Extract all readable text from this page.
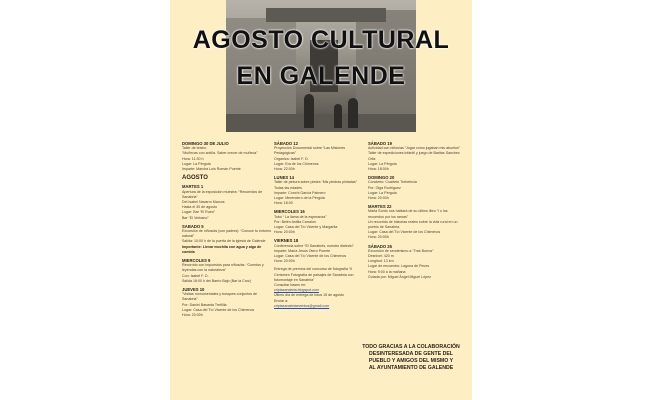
AGOSTO CULTURAL
EN GALENDE
DOMINGO 30 DE JULIO
Taller de teatro:
“Muñecas con arcilla. Saber crecer de muñeca”
Hora: 11:30 h
Lugar: La Pérgola
Imparte: Marcha Luis Román Puente
AGOSTO
MARTES 1
Apertura de la exposición muestra: “Recuerdos de Sanabria”
Del Isabel Navarro Marcos
Hasta el 30 de agosto
Lugar: Bar “El Rueo”
Bar “El Verbano”
SABADO 5
Excursión de niños/as (con padres): “Conoce tu entorno natural”
Salida: 10:00 h de la puerta de la iglesia de Galende
Importante: Llevar mochila con agua y algo de comida
MIERCOLES 9
Recorrido con impuestos para niños/as: “Cuentos y leyendas con la naturaleza”
Con: Isabel F. D.
Salida 18:00 h del Barrio Bajo (Bar la Cruz)
JUEVES 10
“Visitas monumentales y bosques conjuntos de Sanabria”
Por: Daniel Basanta Treñilla
Lugar: Casa del Tío Vicente de los Chimenos
Hora: 20:00h
SÁBADO 12
Proyección Documental sobre “Las Misiones Pedagógicas”
Organiza: Isabel F. D.
Lugar: Era de los Chimenos
Hora: 22:00h
LUNES 14
Taller de pintura sobre piedra “Mis piedras pintadas”
Todas las edades
Imparte: Conchi García Palmero
Lugar: Merendero de la Pérgola
Hora: 18:00
MIERCOLES 16
Tobo “ La llama de la esperanza”
Por: Belén Astilla Carralón
Lugar: Casa del Tío Vicente y Margarita
Hora: 20:00h
VIERNES 18
Conferencia sobre “El Sanabrés, nuestro dialecto”
Imparte: María Jesús Otero Puente
Lugar: Casa del Tío Vicente de los Chimenos
Hora: 20:00h
Entrega de premios del concurso de fotografía “II Certamen Fotografía de paisajes de Sanabria con fotomontaje en Sanabria”
Consultar bases en:
criptasanabria.blogspot.com
Último día de entrega de fotos 15 de agosto
Enviar a:
criptasanabriaeventos@gmail.com
SÁBADO 19
Actividad con niños/as “Jugar como jugaban mis abuelos”
Taller de expediciones infantil y juego de Baritas Sanchez Ortiz
Lugar: La Pérgola
Hora: 18:00h
DOMINGO 20
Concierto: Cuarteto Trebelecia
Por: Olga Rodríguez
Lugar: La Pérgola
Hora: 20:00h
MARTES 22
Marta Sordo nos hablará de su último libro “I o los recuerdos por los ramas”
Un recorrido de historias reales sobre la vida rural en un pueblo de Sanabria.
Lugar: Casa del Tío Vicente de los Chimenos
Hora: 20:00h
SÁBADO 26
Excursión de senderismo a “Tras Burros”
Desnivel: 420 m
Longitud: 13 km
Lugar de encuentro: Laguna de Peces
Hora: 9:00 a la mañana
Guiada por: Miguel Ángel Miguel López
TODO GRACIAS A LA COLABORACIÓN
DESINTERESADA DE GENTE DEL
PUEBLO Y AMIGOS DEL MISMO Y
AL AYUNTAMIENTO DE GALENDE
